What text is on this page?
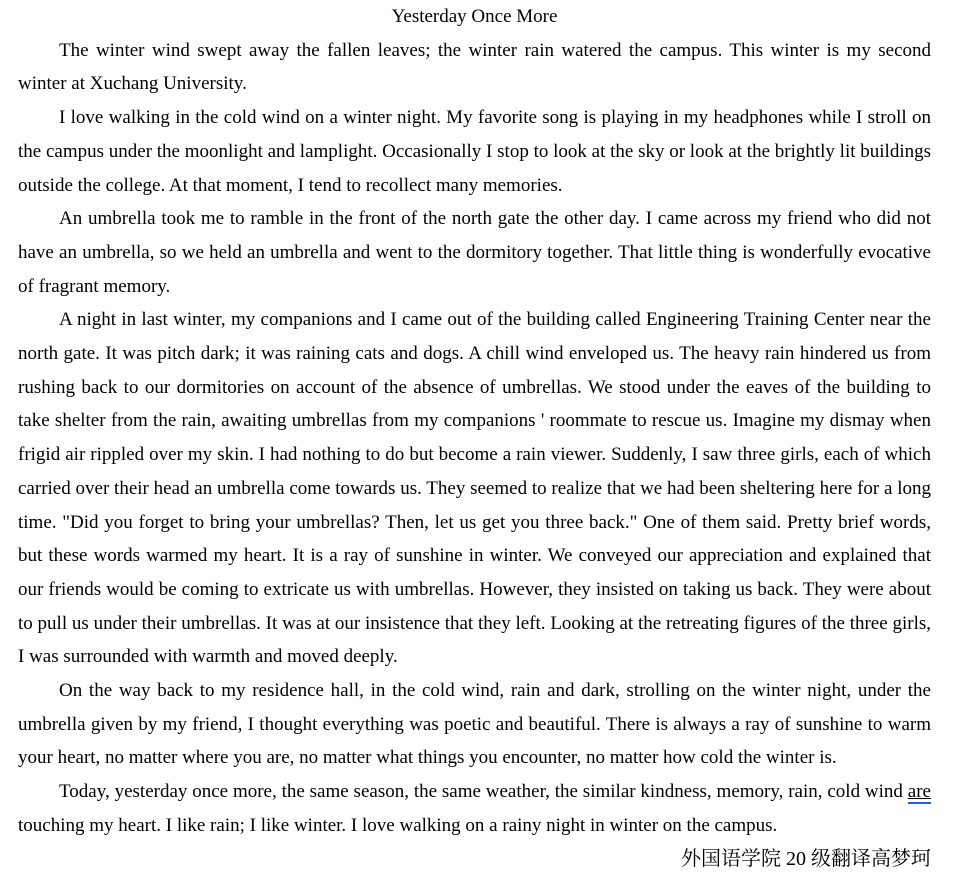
Yesterday Once More

The winter wind swept away the fallen leaves; the winter rain watered the campus. This winter is my second winter at Xuchang University.

I love walking in the cold wind on a winter night. My favorite song is playing in my headphones while I stroll on the campus under the moonlight and lamplight. Occasionally I stop to look at the sky or look at the brightly lit buildings outside the college. At that moment, I tend to recollect many memories.

An umbrella took me to ramble in the front of the north gate the other day. I came across my friend who did not have an umbrella, so we held an umbrella and went to the dormitory together. That little thing is wonderfully evocative of fragrant memory.

A night in last winter, my companions and I came out of the building called Engineering Training Center near the north gate. It was pitch dark; it was raining cats and dogs. A chill wind enveloped us. The heavy rain hindered us from rushing back to our dormitories on account of the absence of umbrellas. We stood under the eaves of the building to take shelter from the rain, awaiting umbrellas from my companions ' roommate to rescue us. Imagine my dismay when frigid air rippled over my skin. I had nothing to do but become a rain viewer. Suddenly, I saw three girls, each of which carried over their head an umbrella come towards us. They seemed to realize that we had been sheltering here for a long time. "Did you forget to bring your umbrellas? Then, let us get you three back." One of them said. Pretty brief words, but these words warmed my heart. It is a ray of sunshine in winter. We conveyed our appreciation and explained that our friends would be coming to extricate us with umbrellas. However, they insisted on taking us back. They were about to pull us under their umbrellas. It was at our insistence that they left. Looking at the retreating figures of the three girls, I was surrounded with warmth and moved deeply.

On the way back to my residence hall, in the cold wind, rain and dark, strolling on the winter night, under the umbrella given by my friend, I thought everything was poetic and beautiful. There is always a ray of sunshine to warm your heart, no matter where you are, no matter what things you encounter, no matter how cold the winter is.

Today, yesterday once more, the same season, the same weather, the similar kindness, memory, rain, cold wind are touching my heart. I like rain; I like winter. I love walking on a rainy night in winter on the campus.

外国语学院 20 级翻译高梦珂
